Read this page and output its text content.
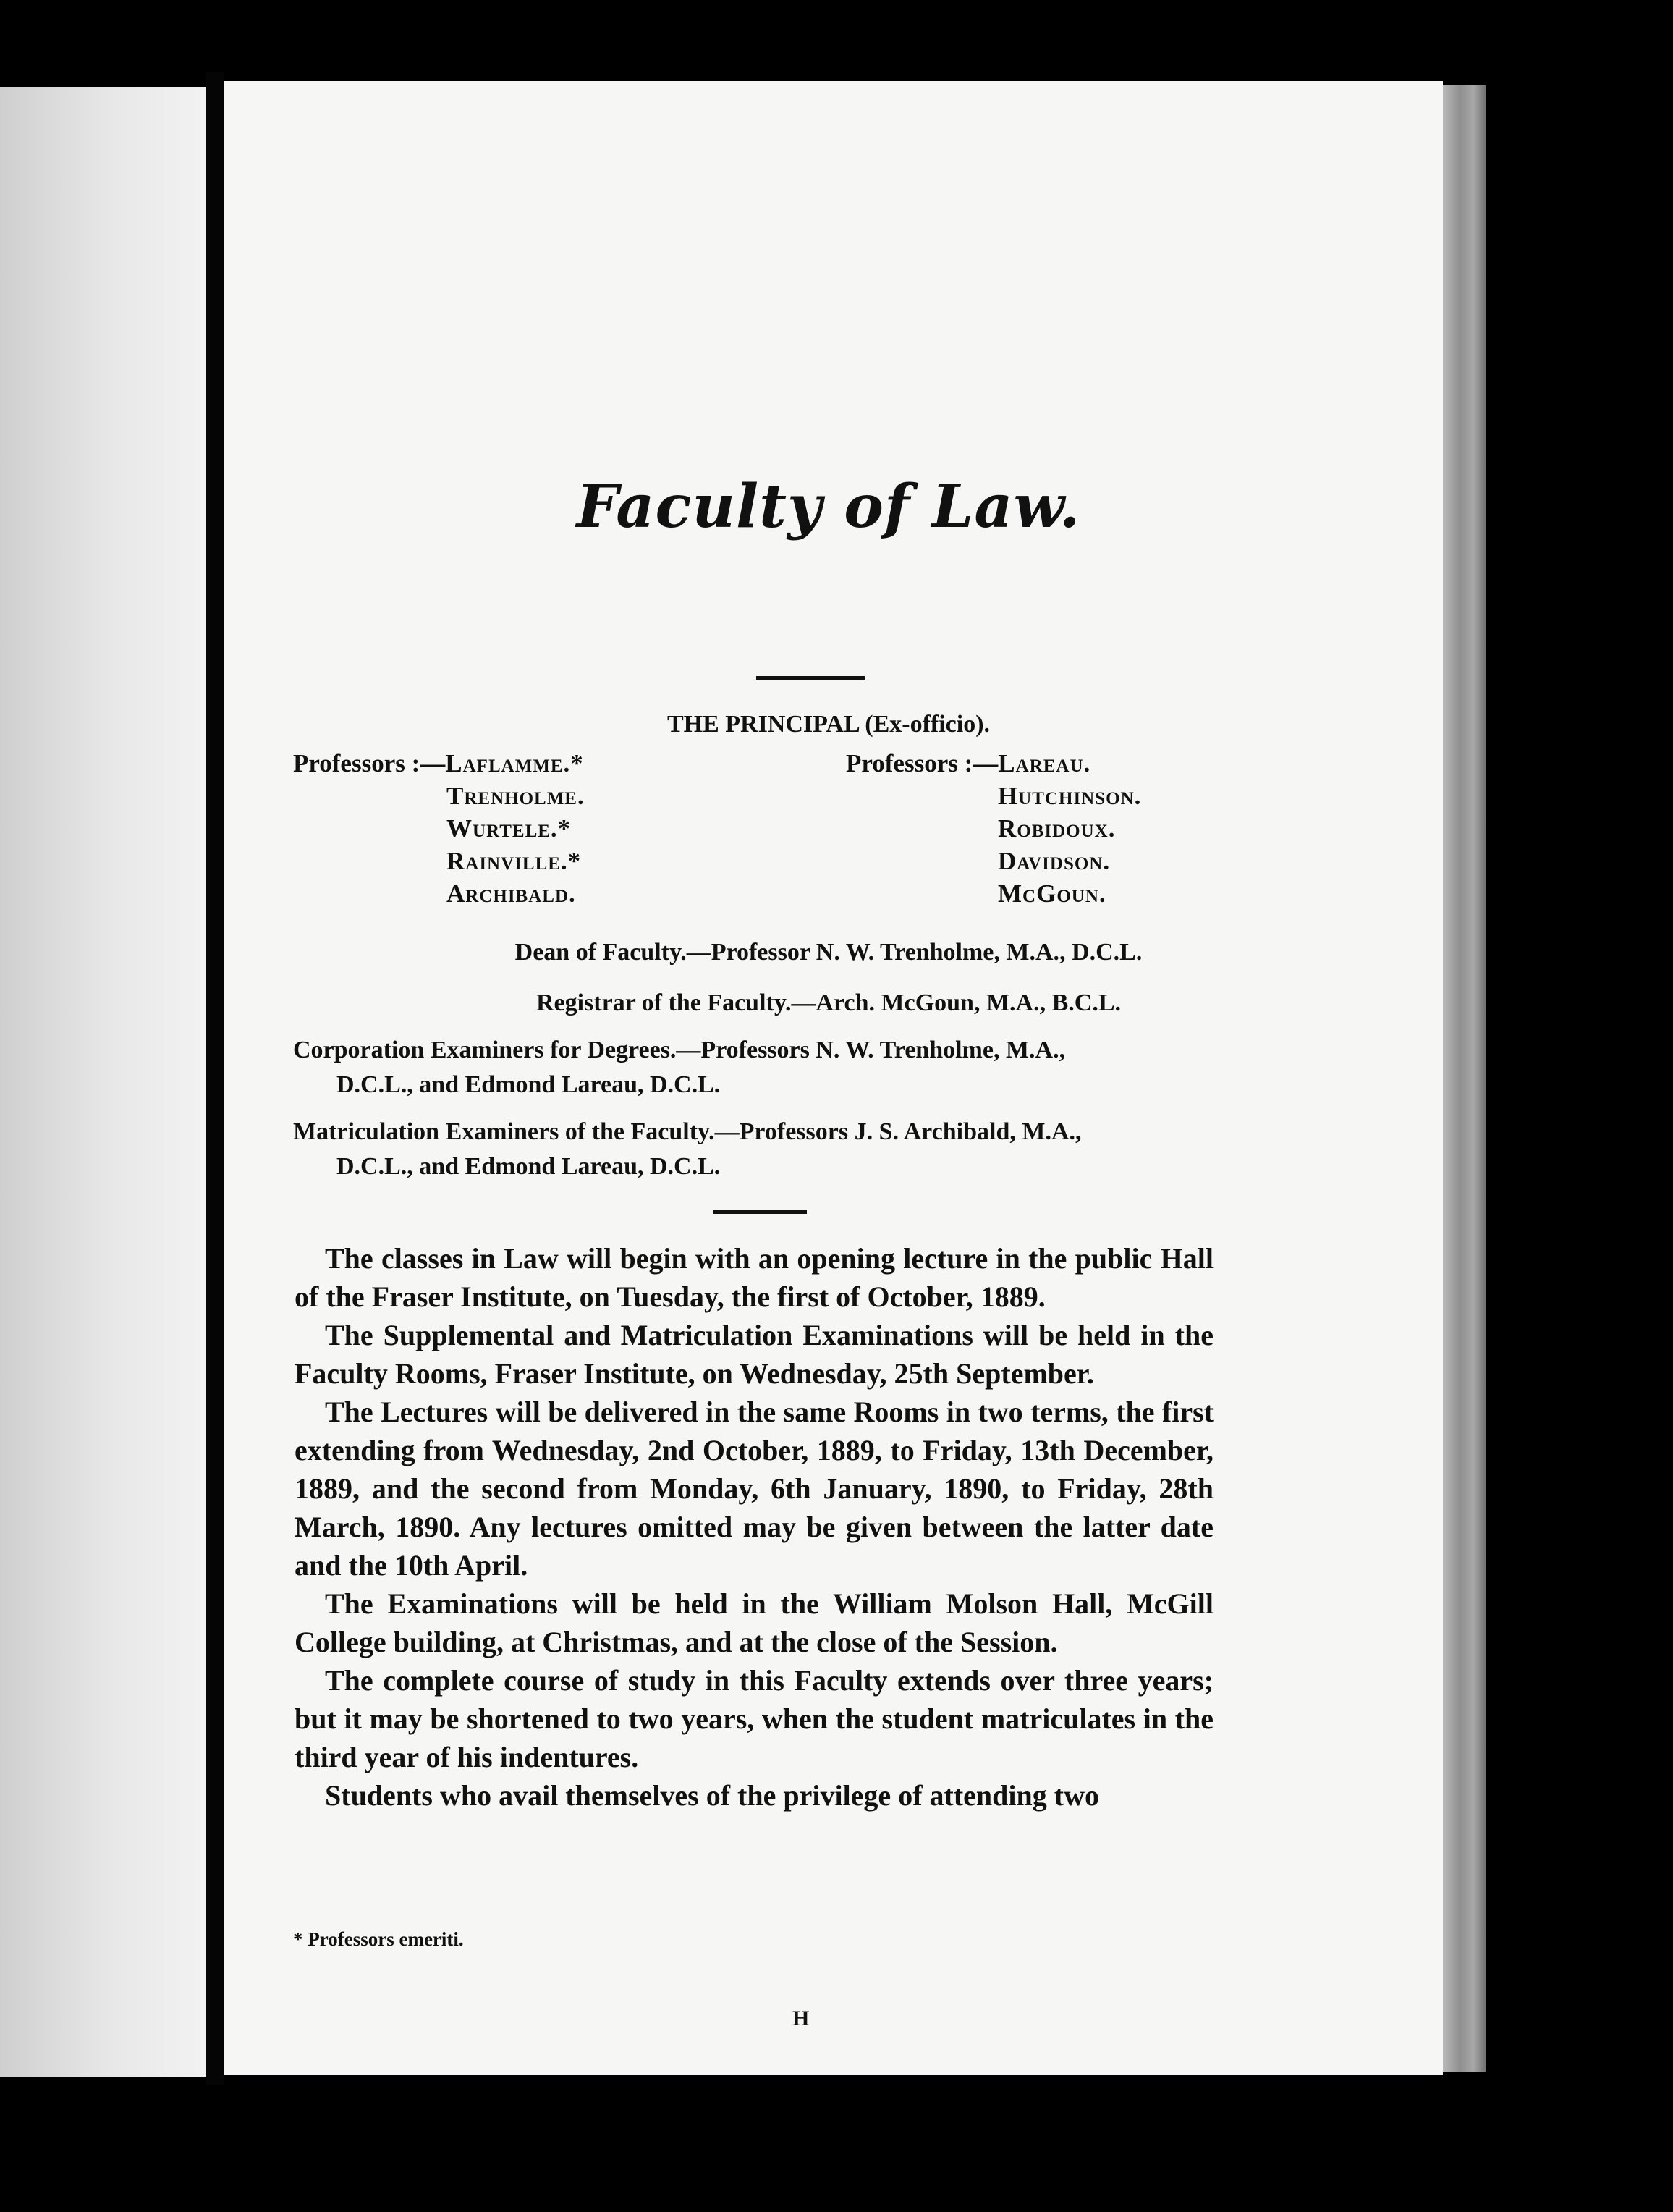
Faculty of Law.
THE PRINCIPAL (Ex-officio).
Professors :—Laflamme.*
Trenholme.
Wurtele.*
Rainville.*
Archibald.
Professors :—Lareau.
Hutchinson.
Robidoux.
Davidson.
McGoun.
Dean of Faculty.—Professor N. W. Trenholme, M.A., D.C.L.
Registrar of the Faculty.—Arch. McGoun, M.A., B.C.L.
Corporation Examiners for Degrees.—Professors N. W. Trenholme, M.A.,
D.C.L., and Edmond Lareau, D.C.L.
Matriculation Examiners of the Faculty.—Professors J. S. Archibald, M.A.,
D.C.L., and Edmond Lareau, D.C.L.

The classes in Law will begin with an opening lecture in the public Hall of the Fraser Institute, on Tuesday, the first of October, 1889.

The Supplemental and Matriculation Examinations will be held in the Faculty Rooms, Fraser Institute, on Wednesday, 25th September.

The Lectures will be delivered in the same Rooms in two terms, the first extending from Wednesday, 2nd October, 1889, to Friday, 13th December, 1889, and the second from Monday, 6th January, 1890, to Friday, 28th March, 1890. Any lectures omitted may be given between the latter date and the 10th April.

The Examinations will be held in the William Molson Hall, McGill College building, at Christmas, and at the close of the Session.

The complete course of study in this Faculty extends over three years; but it may be shortened to two years, when the student matriculates in the third year of his indentures.

Students who avail themselves of the privilege of attending two

* Professors emeriti.
H
